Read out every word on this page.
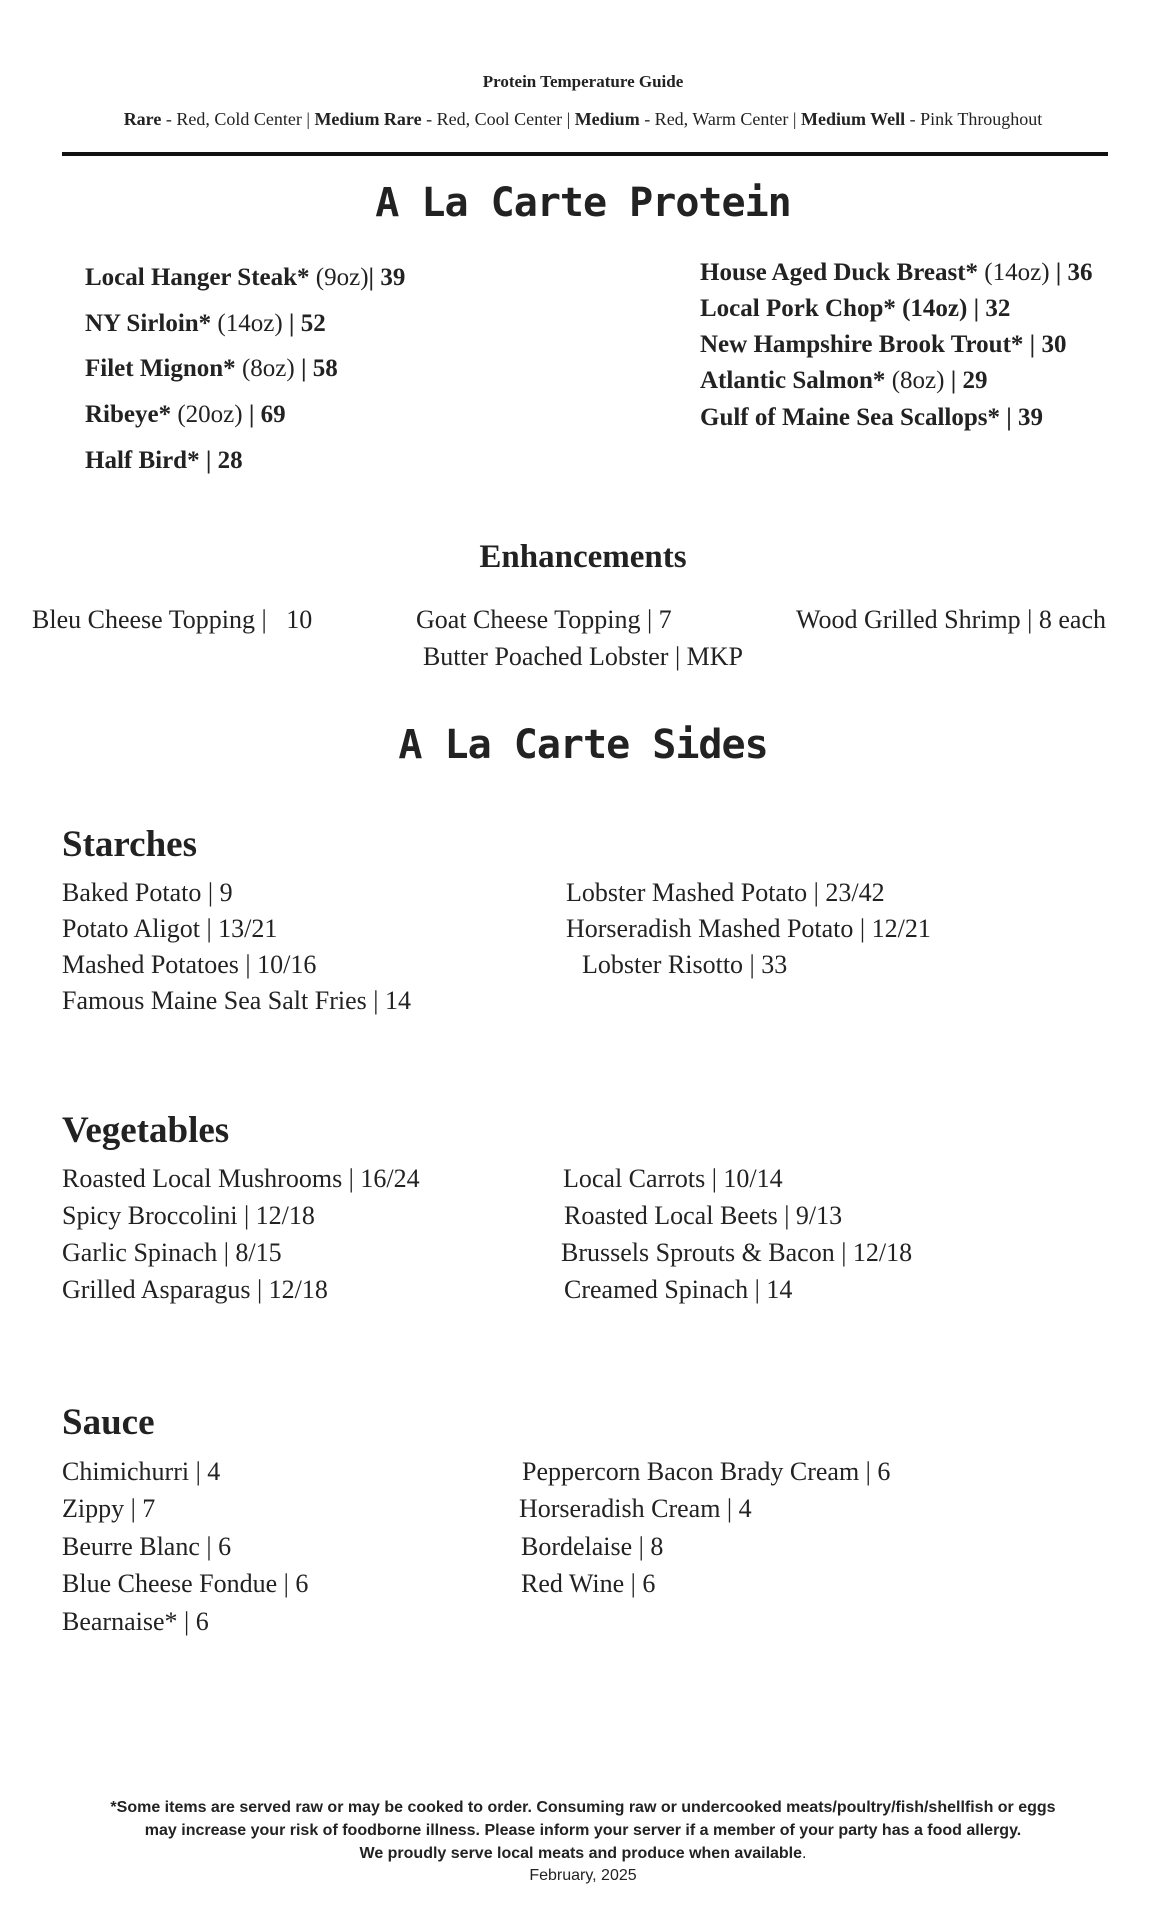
Protein Temperature Guide
Rare - Red, Cold Center | Medium Rare - Red, Cool Center | Medium - Red, Warm Center | Medium Well - Pink Throughout
A La Carte Protein
Local Hanger Steak* (9oz)| 39
NY Sirloin* (14oz) | 52
Filet Mignon* (8oz) | 58
Ribeye* (20oz) | 69
Half Bird* | 28
House Aged Duck Breast* (14oz) | 36
Local Pork Chop* (14oz) | 32
New Hampshire Brook Trout* | 30
Atlantic Salmon* (8oz) | 29
Gulf of Maine Sea Scallops* | 39
Enhancements
Bleu Cheese Topping |   10	Goat Cheese Topping | 7	Wood Grilled Shrimp | 8 each
Butter Poached Lobster | MKP
A La Carte Sides
Starches
Baked Potato | 9
Potato Aligot | 13/21
Mashed Potatoes | 10/16
Famous Maine Sea Salt Fries | 14
Lobster Mashed Potato | 23/42
Horseradish Mashed Potato | 12/21
Lobster Risotto | 33
Vegetables
Roasted Local Mushrooms | 16/24
Spicy Broccolini | 12/18
Garlic Spinach | 8/15
Grilled Asparagus | 12/18
Local Carrots | 10/14
Roasted Local Beets | 9/13
Brussels Sprouts & Bacon | 12/18
Creamed Spinach | 14
Sauce
Chimichurri | 4
Zippy | 7
Beurre Blanc | 6
Blue Cheese Fondue | 6
Bearnaise* | 6
Peppercorn Bacon Brady Cream | 6
Horseradish Cream | 4
Bordelaise | 8
Red Wine | 6
*Some items are served raw or may be cooked to order. Consuming raw or undercooked meats/poultry/fish/shellfish or eggs
may increase your risk of foodborne illness. Please inform your server if a member of your party has a food allergy.
We proudly serve local meats and produce when available.
February, 2025
